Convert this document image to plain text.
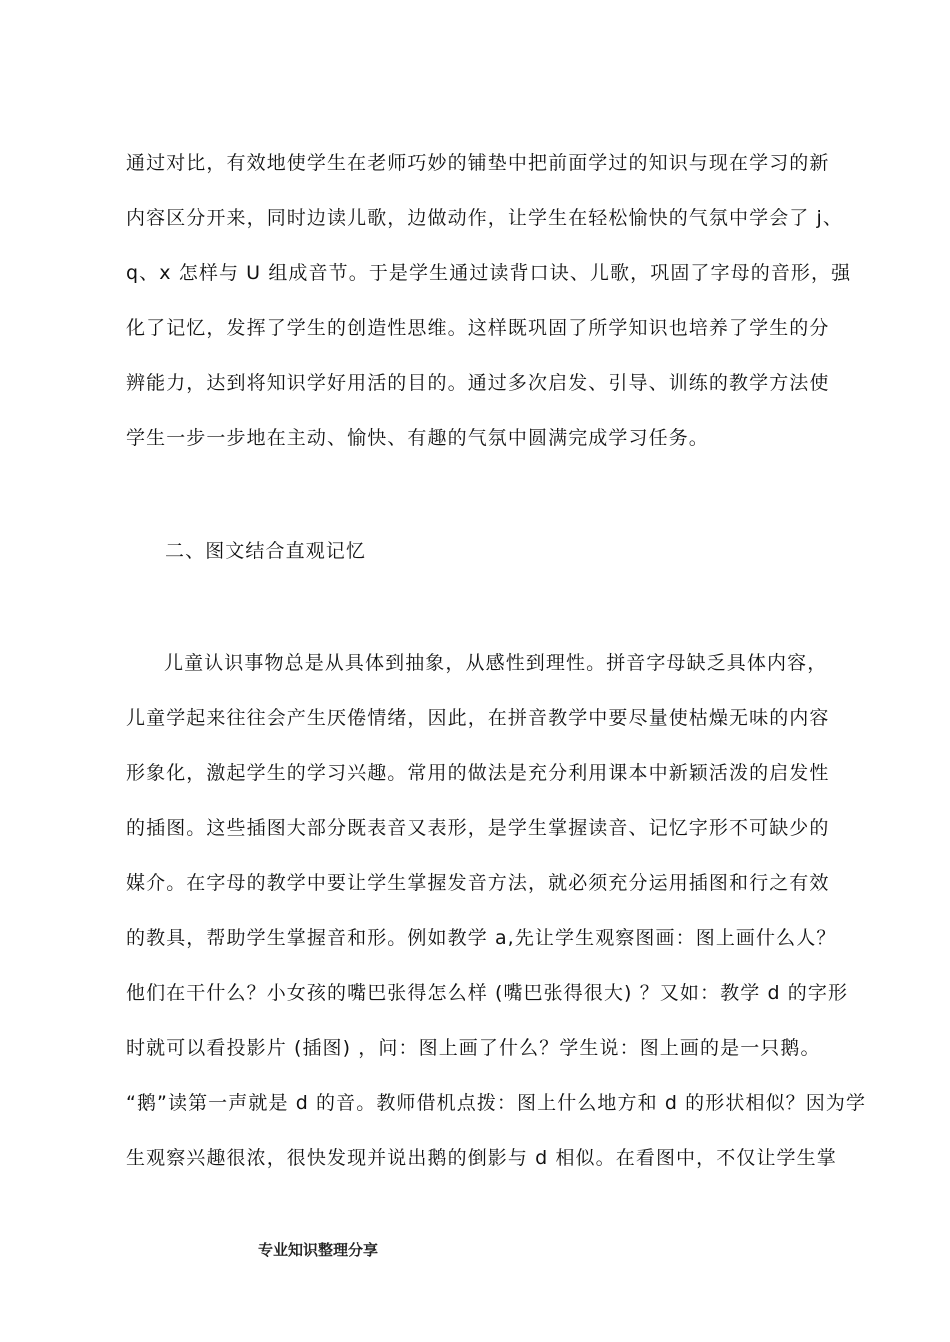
通过对比，有效地使学生在老师巧妙的铺垫中把前面学过的知识与现在学习的新
内容区分开来，同时边读儿歌，边做动作，让学生在轻松愉快的气氛中学会了 j、
q、x 怎样与 U 组成音节。于是学生通过读背口诀、儿歌，巩固了字母的音形，强
化了记忆，发挥了学生的创造性思维。这样既巩固了所学知识也培养了学生的分
辨能力，达到将知识学好用活的目的。通过多次启发、引导、训练的教学方法使
学生一步一步地在主动、愉快、有趣的气氛中圆满完成学习任务。
二、图文结合直观记忆
儿童认识事物总是从具体到抽象，从感性到理性。拼音字母缺乏具体内容，
儿童学起来往往会产生厌倦情绪，因此，在拼音教学中要尽量使枯燥无味的内容
形象化，激起学生的学习兴趣。常用的做法是充分利用课本中新颖活泼的启发性
的插图。这些插图大部分既表音又表形，是学生掌握读音、记忆字形不可缺少的
媒介。在字母的教学中要让学生掌握发音方法，就必须充分运用插图和行之有效
的教具，帮助学生掌握音和形。例如教学 a,先让学生观察图画：图上画什么人？
他们在干什么？小女孩的嘴巴张得怎么样 (嘴巴张得很大) ？又如：教学 d 的字形
时就可以看投影片 (插图) ，问：图上画了什么？学生说：图上画的是一只鹅。
“鹅”读第一声就是 d 的音。教师借机点拨：图上什么地方和 d 的形状相似？因为学
生观察兴趣很浓，很快发现并说出鹅的倒影与 d 相似。在看图中，不仅让学生掌
专业知识整理分享
